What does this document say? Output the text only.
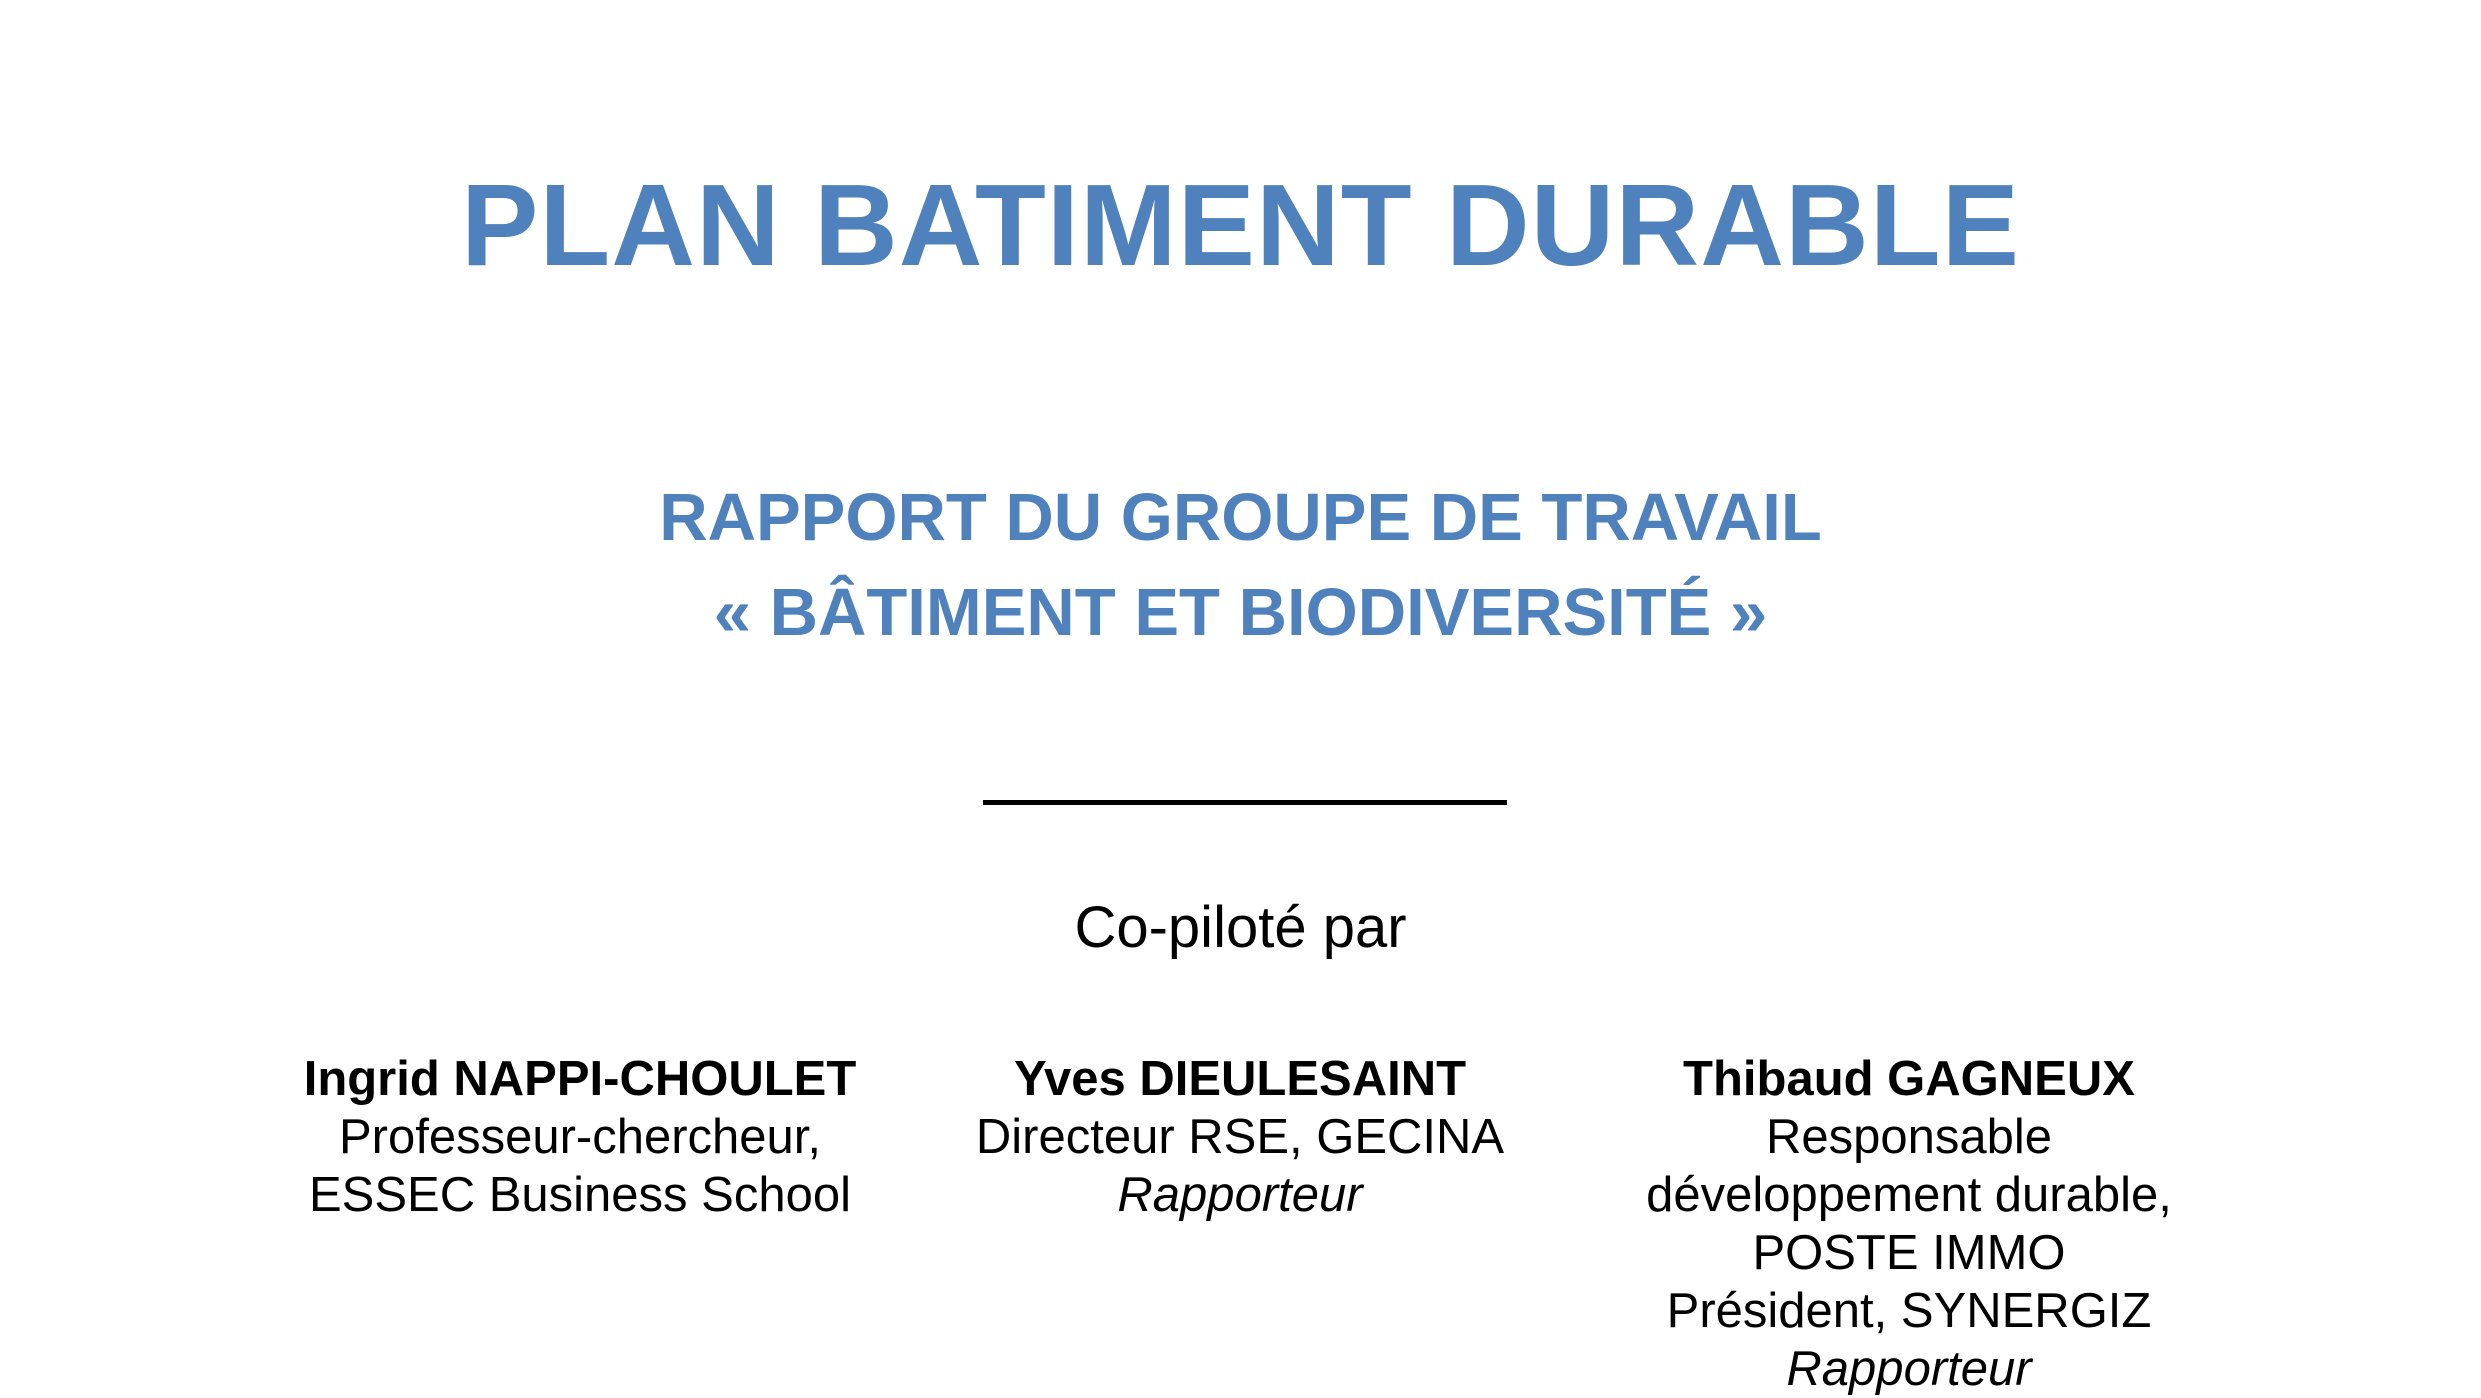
PLAN BATIMENT DURABLE
RAPPORT DU GROUPE DE TRAVAIL
« BÂTIMENT ET BIODIVERSITÉ »
Co-piloté par
Ingrid NAPPI-CHOULET
Professeur-chercheur,
ESSEC Business School
Yves DIEULESAINT
Directeur RSE, GECINA
Rapporteur
Thibaud GAGNEUX
Responsable
développement durable,
POSTE IMMO
Président, SYNERGIZ
Rapporteur
